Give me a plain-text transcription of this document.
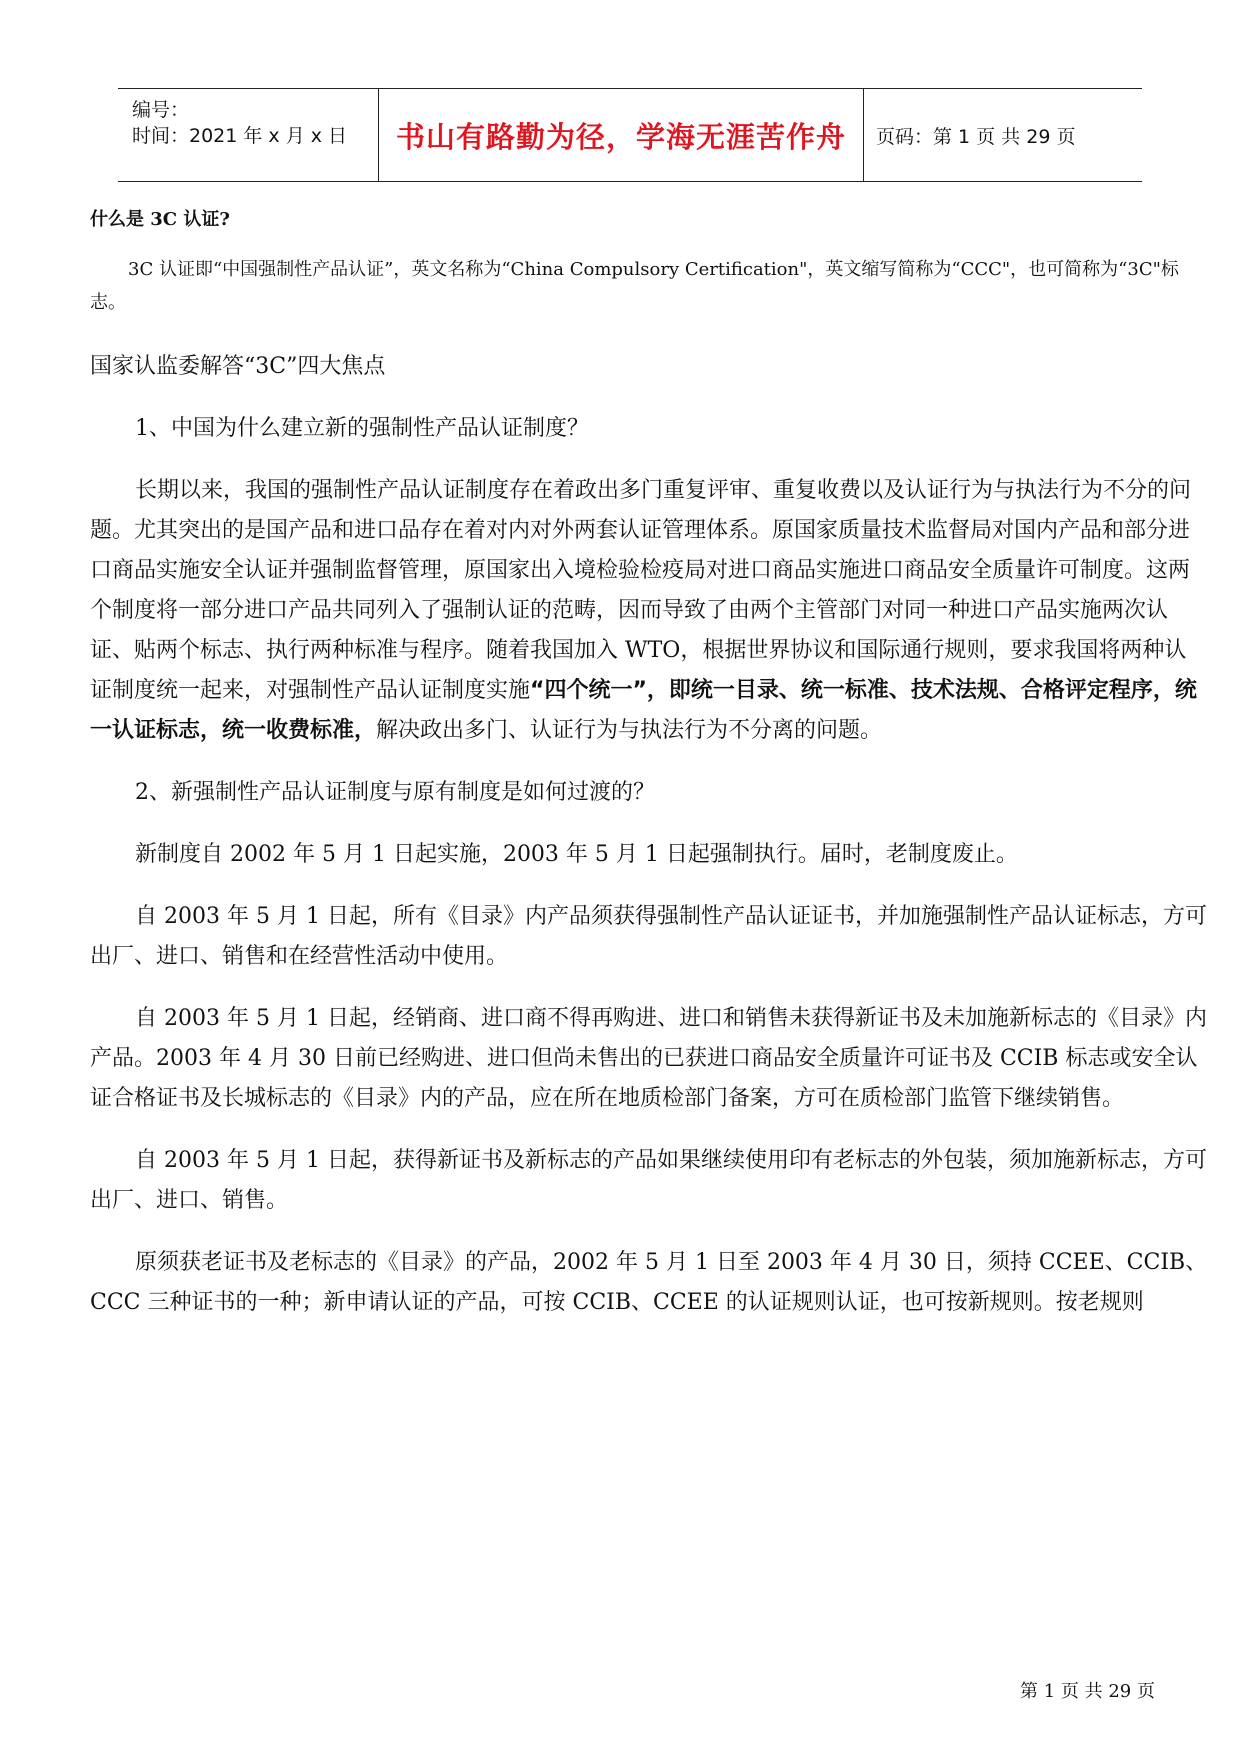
编号：
时间：2021 年 x 月 x 日	书山有路勤为径，学海无涯苦作舟	页码：第 1 页 共 29 页

什么是 3C 认证?

3C 认证即“中国强制性产品认证”，英文名称为“China Compulsory Certification"，英文缩写简称为“CCC"，也可简称为“3C"标志。

国家认监委解答“3C”四大焦点

1、中国为什么建立新的强制性产品认证制度？

长期以来，我国的强制性产品认证制度存在着政出多门重复评审、重复收费以及认证行为与执法行为不分的问题。尤其突出的是国产品和进口品存在着对内对外两套认证管理体系。原国家质量技术监督局对国内产品和部分进口商品实施安全认证并强制监督管理，原国家出入境检验检疫局对进口商品实施进口商品安全质量许可制度。这两个制度将一部分进口产品共同列入了强制认证的范畴，因而导致了由两个主管部门对同一种进口产品实施两次认证、贴两个标志、执行两种标准与程序。随着我国加入 WTO，根据世界协议和国际通行规则，要求我国将两种认证制度统一起来，对强制性产品认证制度实施“四个统一”，即统一目录、统一标准、技术法规、合格评定程序，统一认证标志，统一收费标准，解决政出多门、认证行为与执法行为不分离的问题。

2、新强制性产品认证制度与原有制度是如何过渡的？

新制度自 2002 年 5 月 1 日起实施，2003 年 5 月 1 日起强制执行。届时，老制度废止。

自 2003 年 5 月 1 日起，所有《目录》内产品须获得强制性产品认证证书，并加施强制性产品认证标志，方可出厂、进口、销售和在经营性活动中使用。

自 2003 年 5 月 1 日起，经销商、进口商不得再购进、进口和销售未获得新证书及未加施新标志的《目录》内产品。2003 年 4 月 30 日前已经购进、进口但尚未售出的已获进口商品安全质量许可证书及 CCIB 标志或安全认证合格证书及长城标志的《目录》内的产品，应在所在地质检部门备案，方可在质检部门监管下继续销售。

自 2003 年 5 月 1 日起，获得新证书及新标志的产品如果继续使用印有老标志的外包装，须加施新标志，方可出厂、进口、销售。

原须获老证书及老标志的《目录》的产品，2002 年 5 月 1 日至 2003 年 4 月 30 日，须持 CCEE、CCIB、CCC 三种证书的一种；新申请认证的产品，可按 CCIB、CCEE 的认证规则认证，也可按新规则。按老规则

第 1 页 共 29 页
